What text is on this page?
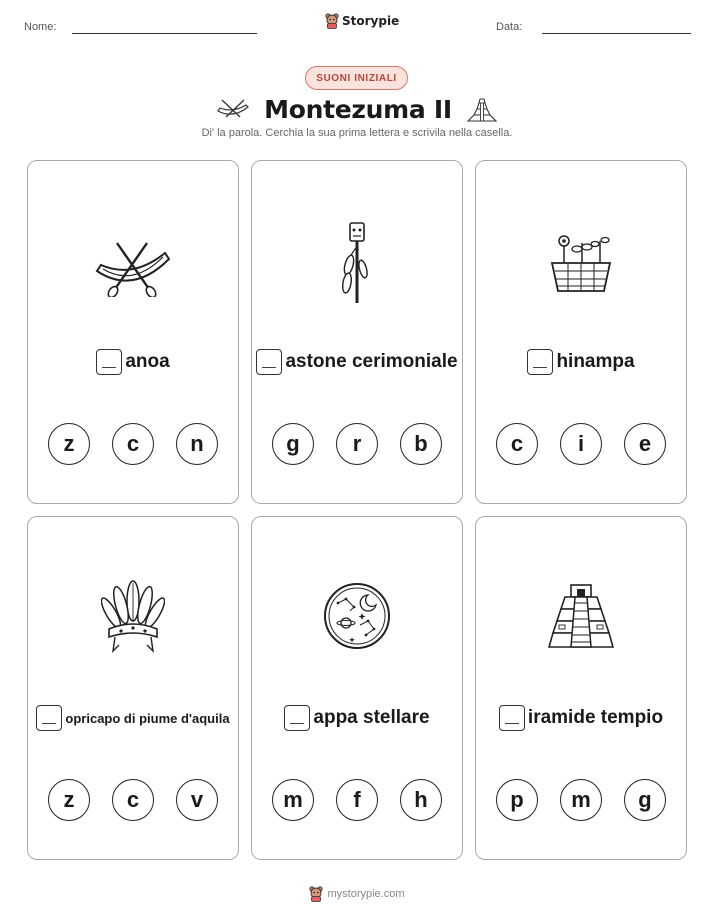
Nome:	Storypie	Data:
SUONI INIZIALI
Montezuma II
Di' la parola. Cerchia la sua prima lettera e scrivila nella casella.
anoa
z	c	n
astone cerimoniale
g	r	b
hinampa
c	i	e
opricapo di piume d'aquila
z	c	v
appa stellare
m	f	h
iramide tempio
p	m	g
mystorypie.com
